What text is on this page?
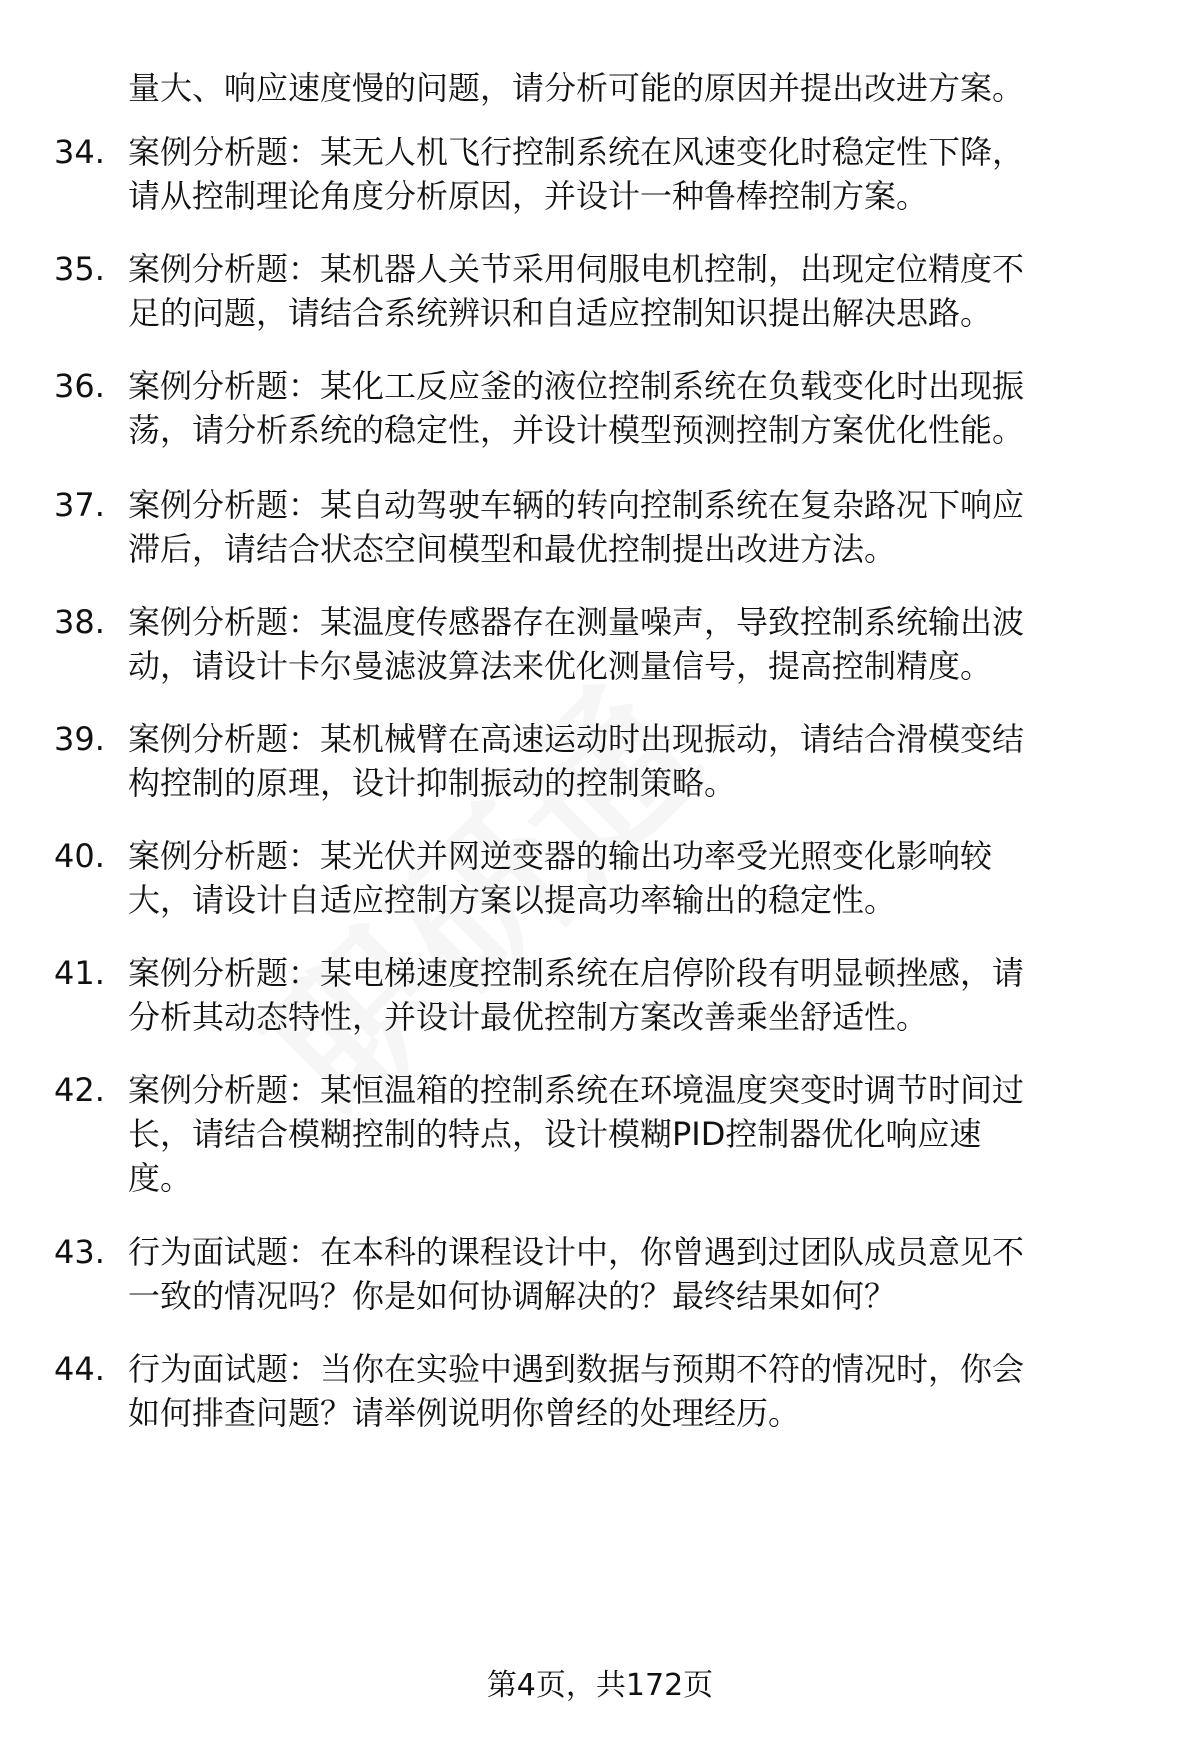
量大、响应速度慢的问题，请分析可能的原因并提出改进方案。
34. 案例分析题：某无人机飞行控制系统在风速变化时稳定性下降，
请从控制理论角度分析原因，并设计一种鲁棒控制方案。
35. 案例分析题：某机器人关节采用伺服电机控制，出现定位精度不
足的问题，请结合系统辨识和自适应控制知识提出解决思路。
36. 案例分析题：某化工反应釜的液位控制系统在负载变化时出现振
荡，请分析系统的稳定性，并设计模型预测控制方案优化性能。
37. 案例分析题：某自动驾驶车辆的转向控制系统在复杂路况下响应
滞后，请结合状态空间模型和最优控制提出改进方法。
38. 案例分析题：某温度传感器存在测量噪声，导致控制系统输出波
动，请设计卡尔曼滤波算法来优化测量信号，提高控制精度。
39. 案例分析题：某机械臂在高速运动时出现振动，请结合滑模变结
构控制的原理，设计抑制振动的控制策略。
40. 案例分析题：某光伏并网逆变器的输出功率受光照变化影响较
大，请设计自适应控制方案以提高功率输出的稳定性。
41. 案例分析题：某电梯速度控制系统在启停阶段有明显顿挫感，请
分析其动态特性，并设计最优控制方案改善乘坐舒适性。
42. 案例分析题：某恒温箱的控制系统在环境温度突变时调节时间过
长，请结合模糊控制的特点，设计模糊PID控制器优化响应速
度。
43. 行为面试题：在本科的课程设计中，你曾遇到过团队成员意见不
一致的情况吗？你是如何协调解决的？最终结果如何？
44. 行为面试题：当你在实验中遇到数据与预期不符的情况时，你会
如何排查问题？请举例说明你曾经的处理经历。
第4页，共172页
